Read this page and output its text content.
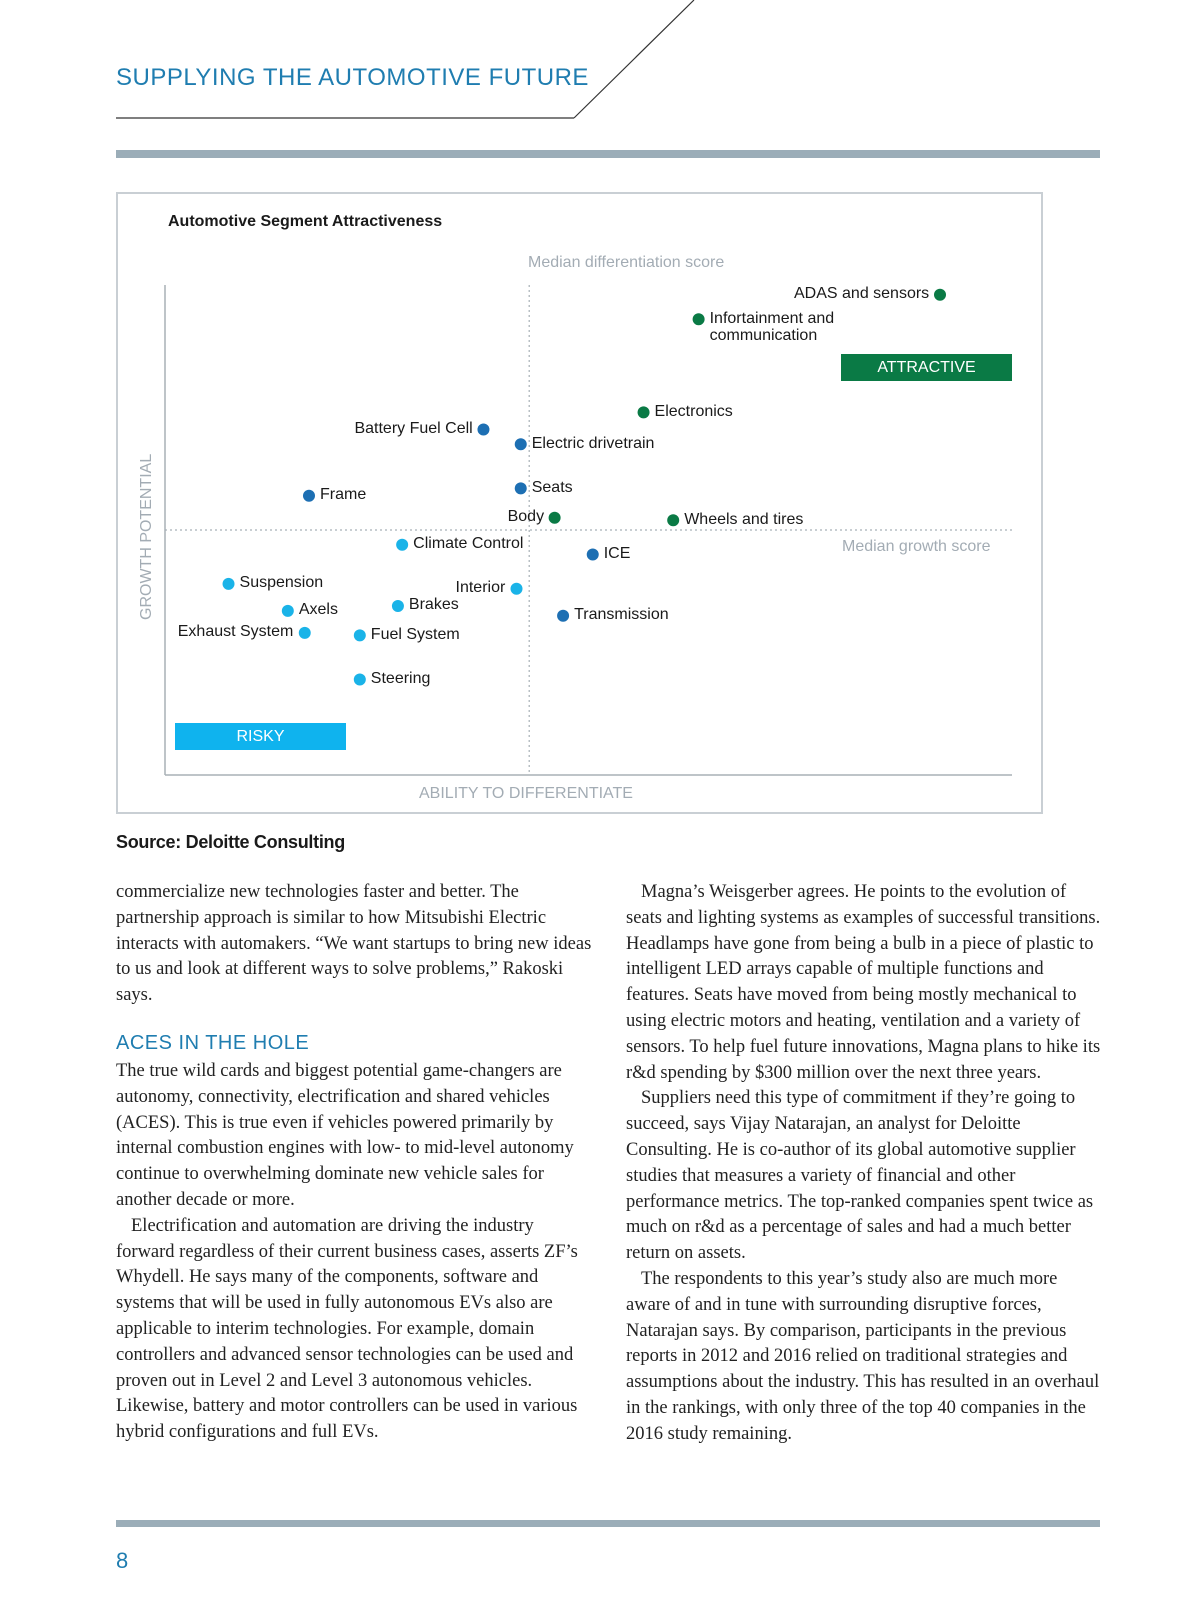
SUPPLYING THE AUTOMOTIVE FUTURE
Automotive Segment Attractiveness
Median differentiation score
Median growth score
ABILITY TO DIFFERENTIATE
GROWTH POTENTIAL
ATTRACTIVE
RISKY
Source: Deloitte Consulting

commercialize new technologies faster and better. The partnership approach is similar to how Mitsubishi Electric interacts with automakers. “We want startups to bring new ideas to us and look at different ways to solve problems,” Rakoski says.

ACES IN THE HOLE

The true wild cards and biggest potential game-changers are autonomy, connectivity, electrification and shared vehicles (ACES). This is true even if vehicles powered primarily by internal combustion engines with low- to mid-level autonomy continue to overwhelming dominate new vehicle sales for another decade or more.

Electrification and automation are driving the industry forward regardless of their current business cases, asserts ZF’s Whydell. He says many of the components, software and systems that will be used in fully autonomous EVs also are applicable to interim technologies. For example, domain controllers and advanced sensor technologies can be used and proven out in Level 2 and Level 3 autonomous vehicles. Likewise, battery and motor controllers can be used in various hybrid configurations and full EVs.

Magna’s Weisgerber agrees. He points to the evolution of seats and lighting systems as examples of successful transitions. Headlamps have gone from being a bulb in a piece of plastic to intelligent LED arrays capable of multiple functions and features. Seats have moved from being mostly mechanical to using electric motors and heating, ventilation and a variety of sensors. To help fuel future innovations, Magna plans to hike its r&d spending by $300 million over the next three years.

Suppliers need this type of commitment if they’re going to succeed, says Vijay Natarajan, an analyst for Deloitte Consulting. He is co-author of its global automotive supplier studies that measures a variety of financial and other performance metrics. The top-ranked companies spent twice as much on r&d as a percentage of sales and had a much better return on assets.

The respondents to this year’s study also are much more aware of and in tune with surrounding disruptive forces, Natarajan says. By comparison, participants in the previous reports in 2012 and 2016 relied on traditional strategies and assumptions about the industry. This has resulted in an overhaul in the rankings, with only three of the top 40 companies in the 2016 study remaining.

8
ADAS and sensors
Infortainment and
communication
Electronics
Battery Fuel Cell
Electric drivetrain
Seats
Frame
Body	Wheels and tires
Climate Control
ICE
Suspension	Interior
Brakes
Axels	Transmission
Exhaust System	Fuel System
Steering
